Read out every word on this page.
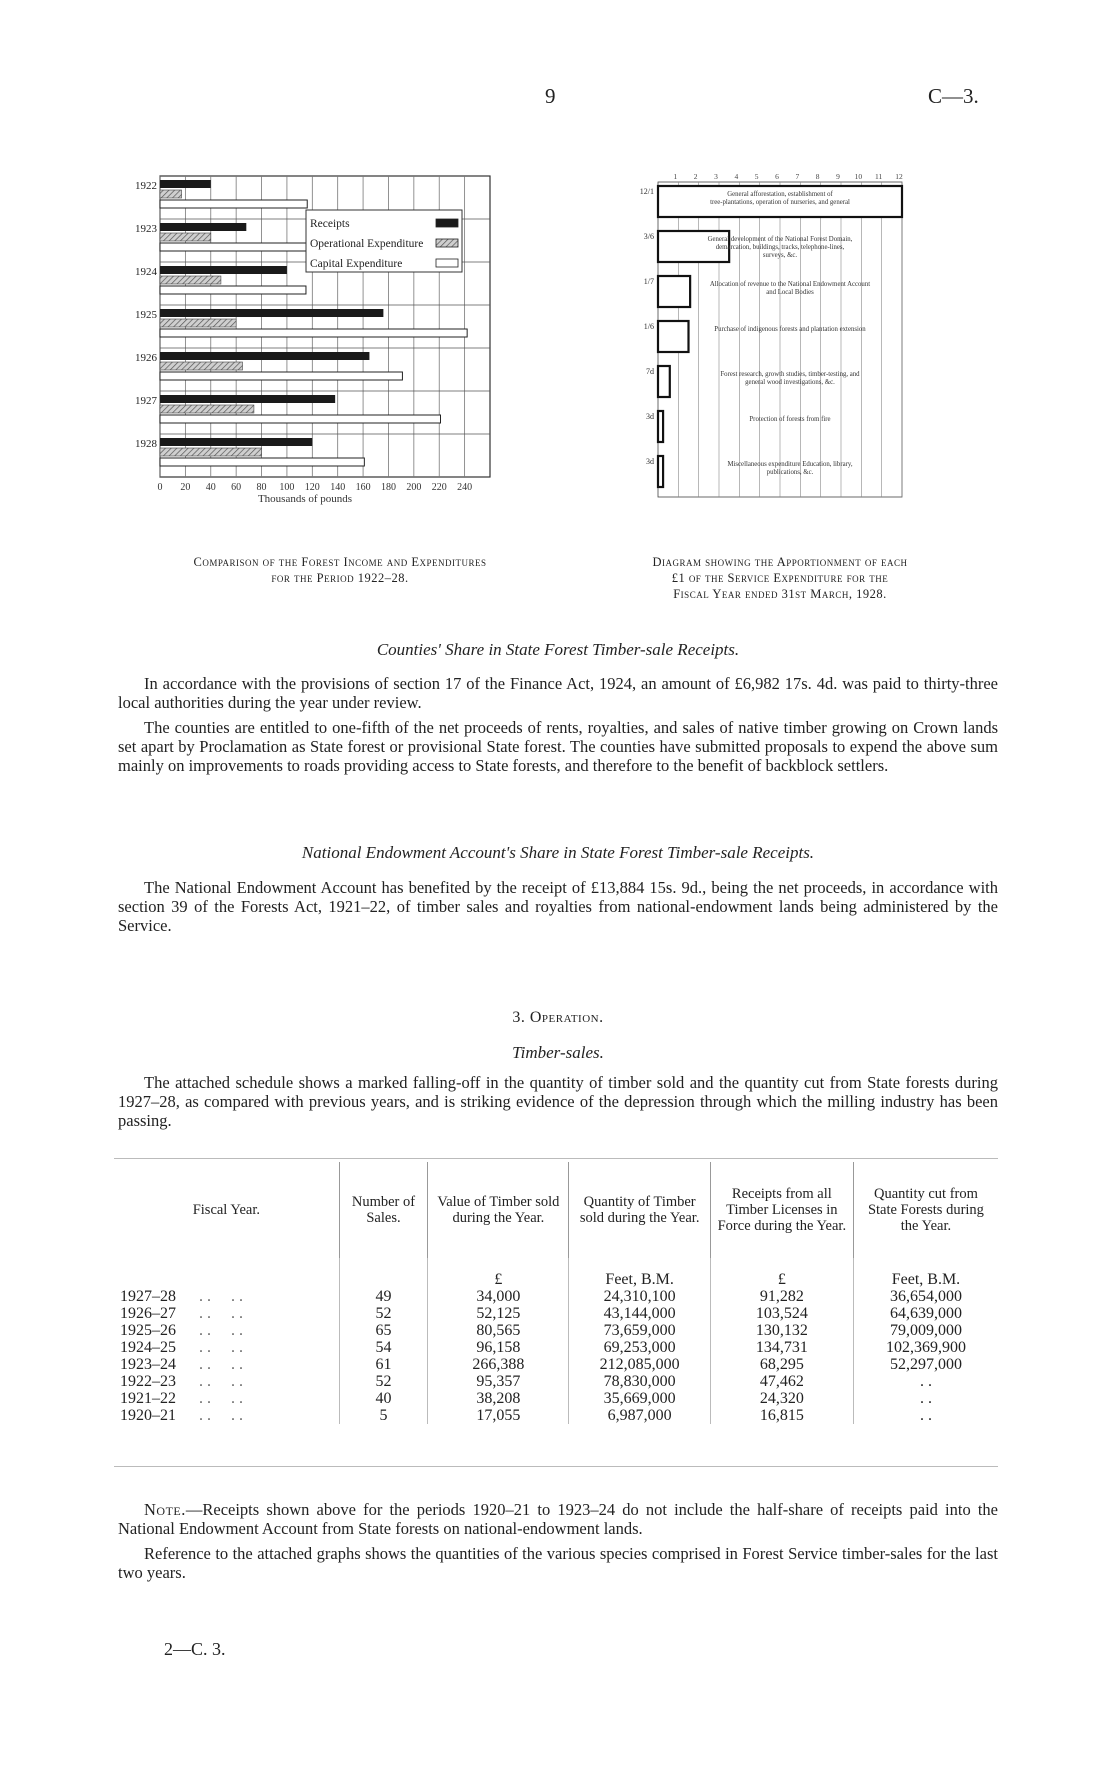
9	C—3.
0 20 40 60 80 100 120 140 160 180 200 220 240
1922
1923
1924
1925
1926
1927
1928
Receipts
Operational Expenditure
Capital Expenditure
Thousands of pounds
Comparison of the Forest Income and Expenditures
for the Period 1922–28.
1 2 3 4 5 6 7 8 9 10 11 12
12/1	General afforestation, establishment of
tree-plantations, operation of nurseries, and general
3/6	General development of the National Forest Domain,
demarcation, buildings, tracks, telephone-lines,
surveys, &c.
1/7	Allocation of revenue to the National Endowment Account
and Local Bodies
1/6	Purchase of indigenous forests and plantation extension
7d	Forest research, growth studies, timber-testing, and
general wood investigations, &c.
3d	Protection of forests from fire
3d	Miscellaneous expenditure Education, library,
publications, &c.
Diagram showing the Apportionment of each
£1 of the Service Expenditure for the
Fiscal Year ended 31st March, 1928.
Counties' Share in State Forest Timber-sale Receipts.

In accordance with the provisions of section 17 of the Finance Act, 1924, an amount of £6,982 17s. 4d. was paid to thirty-three local authorities during the year under review.

The counties are entitled to one-fifth of the net proceeds of rents, royalties, and sales of native timber growing on Crown lands set apart by Proclamation as State forest or provisional State forest. The counties have submitted proposals to expend the above sum mainly on improvements to roads providing access to State forests, and therefore to the benefit of backblock settlers.

National Endowment Account's Share in State Forest Timber-sale Receipts.

The National Endowment Account has benefited by the receipt of £13,884 15s. 9d., being the net proceeds, in accordance with section 39 of the Forests Act, 1921–22, of timber sales and royalties from national-endowment lands being administered by the Service.

3. Operation.
Timber-sales.

The attached schedule shows a marked falling-off in the quantity of timber sold and the quantity cut from State forests during 1927–28, as compared with previous years, and is striking evidence of the depression through which the milling industry has been passing.

Fiscal Year.	Number of Sales.	Value of Timber sold during the Year.	Quantity of Timber sold during the Year.	Receipts from all Timber Licenses in Force during the Year.	Quantity cut from State Forests during the Year.
		£	Feet, B.M.	£	Feet, B.M.
1927–28 . .     . .	49	34,000	24,310,100	91,282	36,654,000
1926–27 . .     . .	52	52,125	43,144,000	103,524	64,639,000
1925–26 . .     . .	65	80,565	73,659,000	130,132	79,009,000
1924–25 . .     . .	54	96,158	69,253,000	134,731	102,369,900
1923–24 . .     . .	61	266,388	212,085,000	68,295	52,297,000
1922–23 . .     . .	52	95,357	78,830,000	47,462	. .
1921–22 . .     . .	40	38,208	35,669,000	24,320	. .
1920–21 . .     . .	5	17,055	6,987,000	16,815	. .

Note.—Receipts shown above for the periods 1920–21 to 1923–24 do not include the half-share of receipts paid into the National Endowment Account from State forests on national-endowment lands.

Reference to the attached graphs shows the quantities of the various species comprised in Forest Service timber-sales for the last two years.

2—C. 3.
